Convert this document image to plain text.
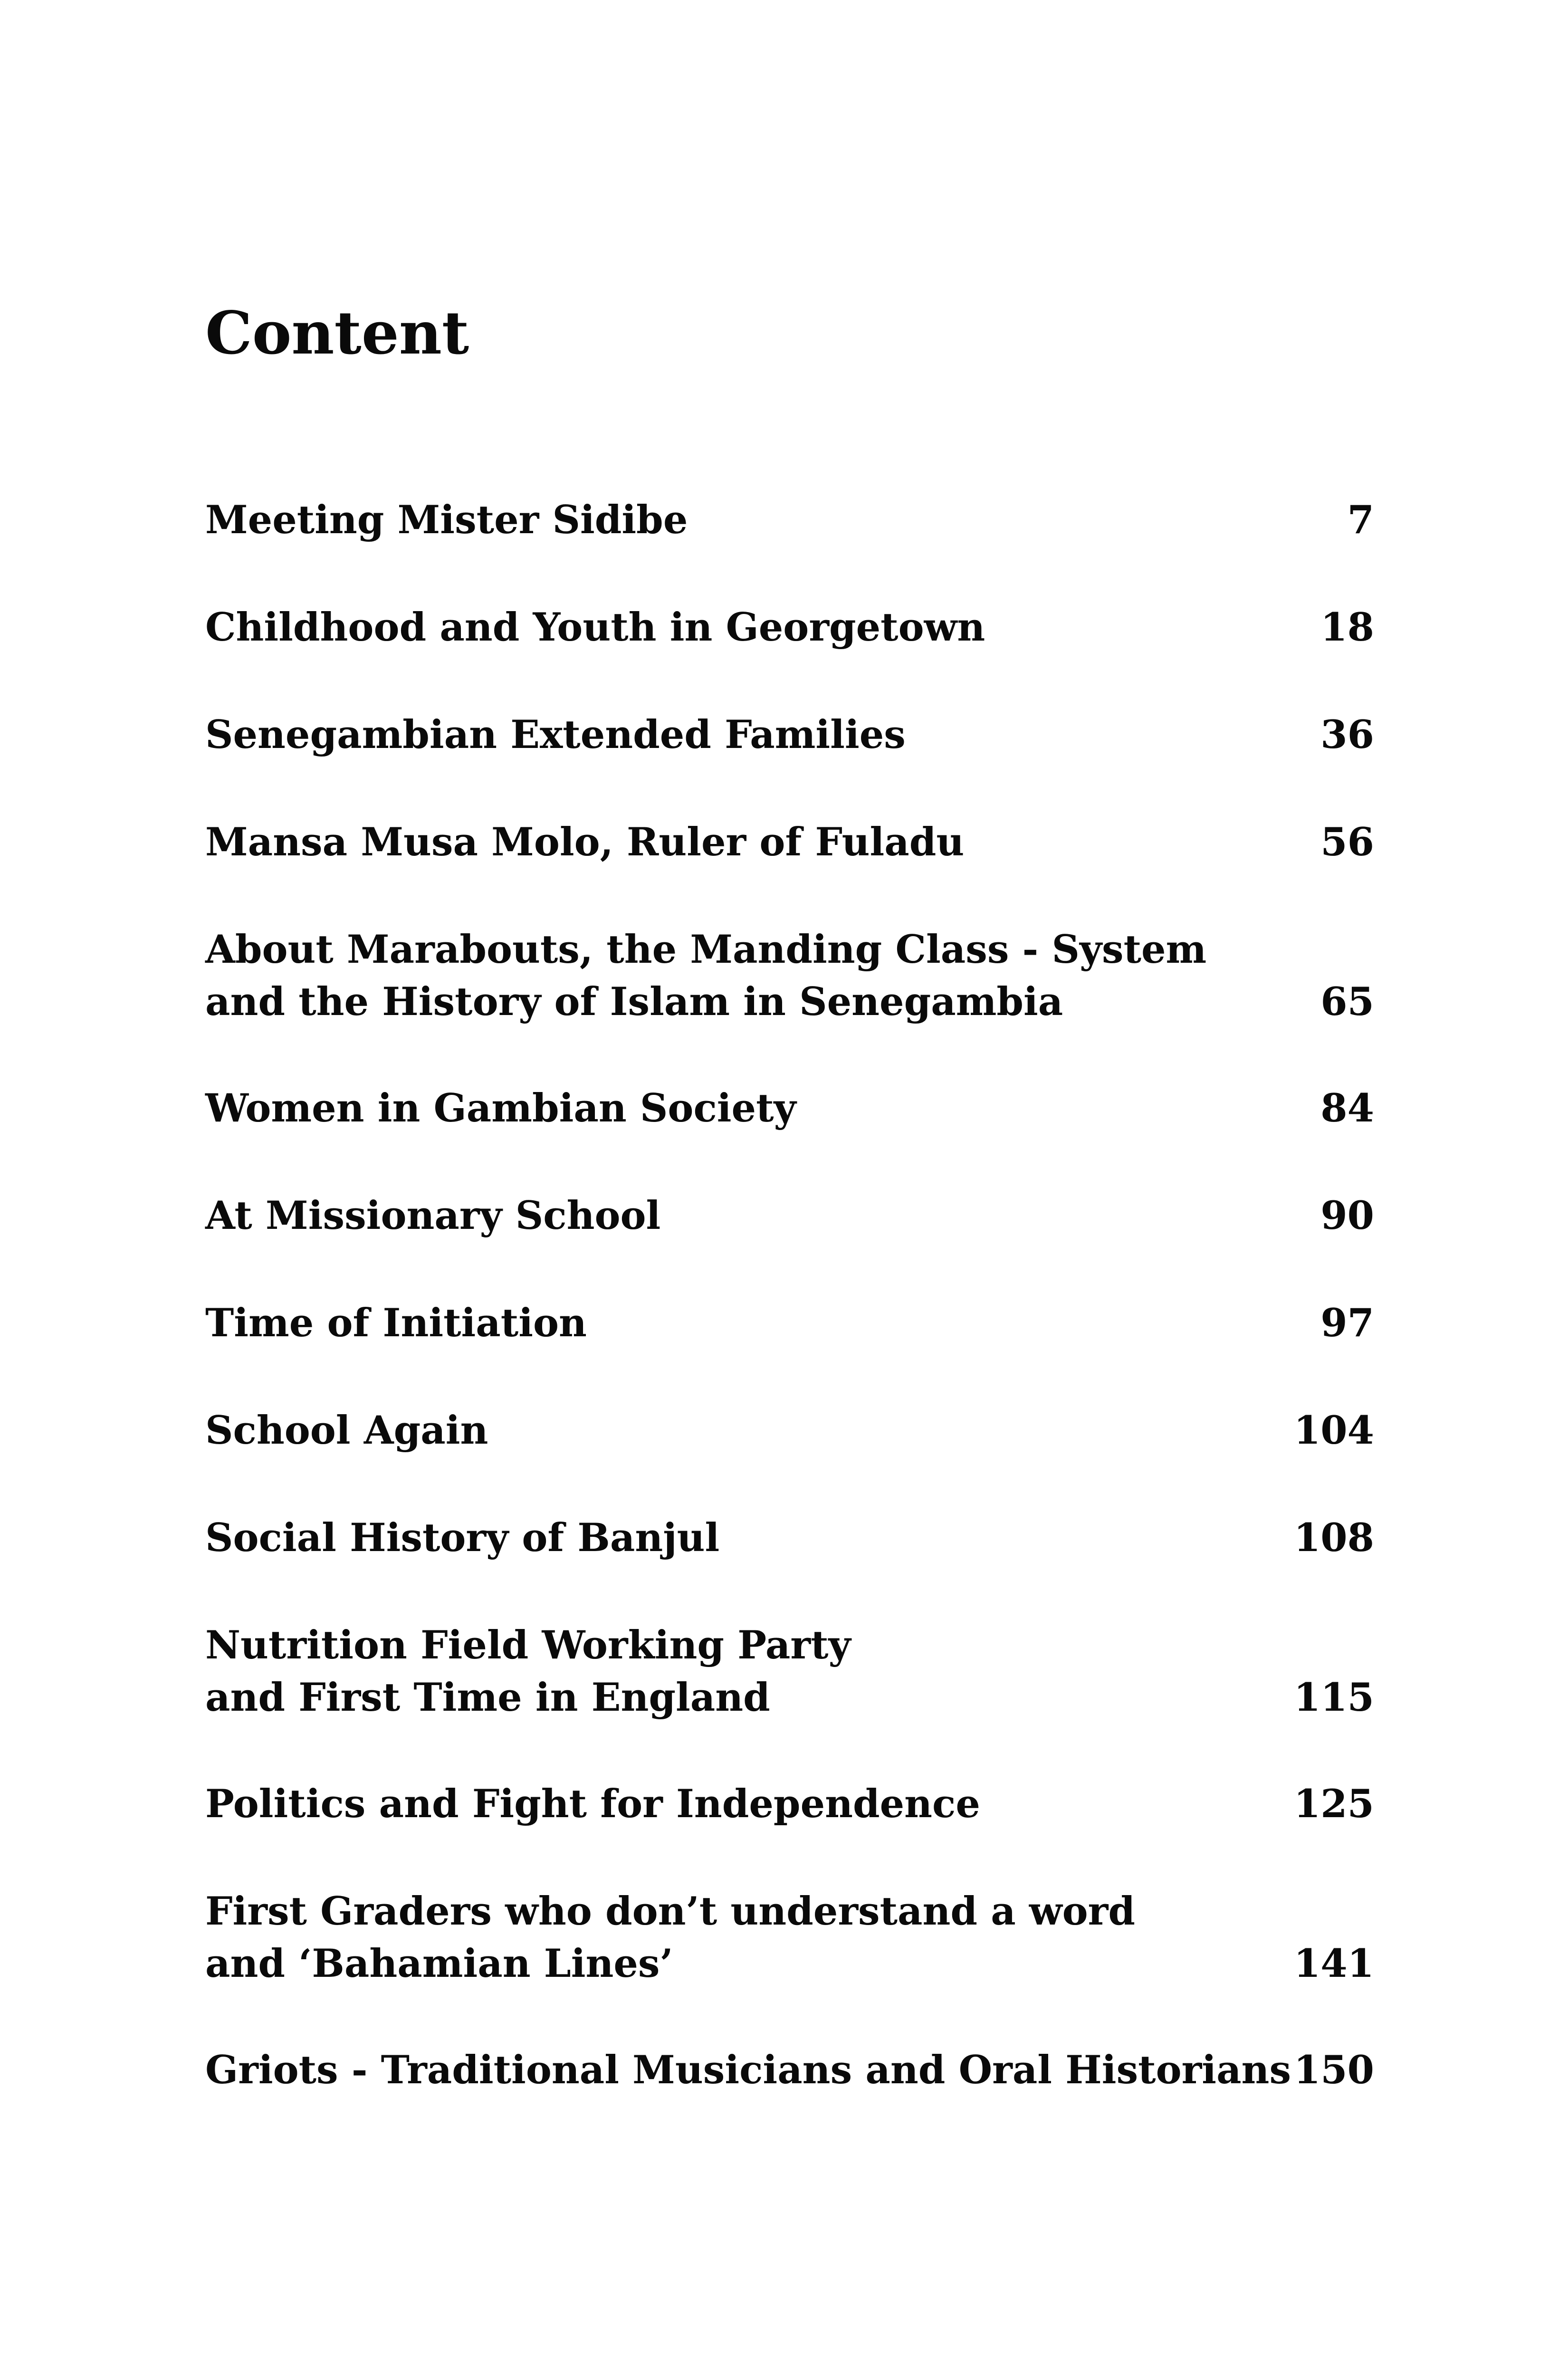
Content
Meeting Mister Sidibe	7
Childhood and Youth in Georgetown	18
Senegambian Extended Families	36
Mansa Musa Molo, Ruler of Fuladu	56
About Marabouts, the Manding Class - System
and the History of Islam in Senegambia	65
Women in Gambian Society	84
At Missionary School	90
Time of Initiation	97
School Again	104
Social History of Banjul	108
Nutrition Field Working Party
and First Time in England	115
Politics and Fight for Independence	125
First Graders who don’t understand a word
and ‘Bahamian Lines’	141
Griots - Traditional Musicians and Oral Historians 150
